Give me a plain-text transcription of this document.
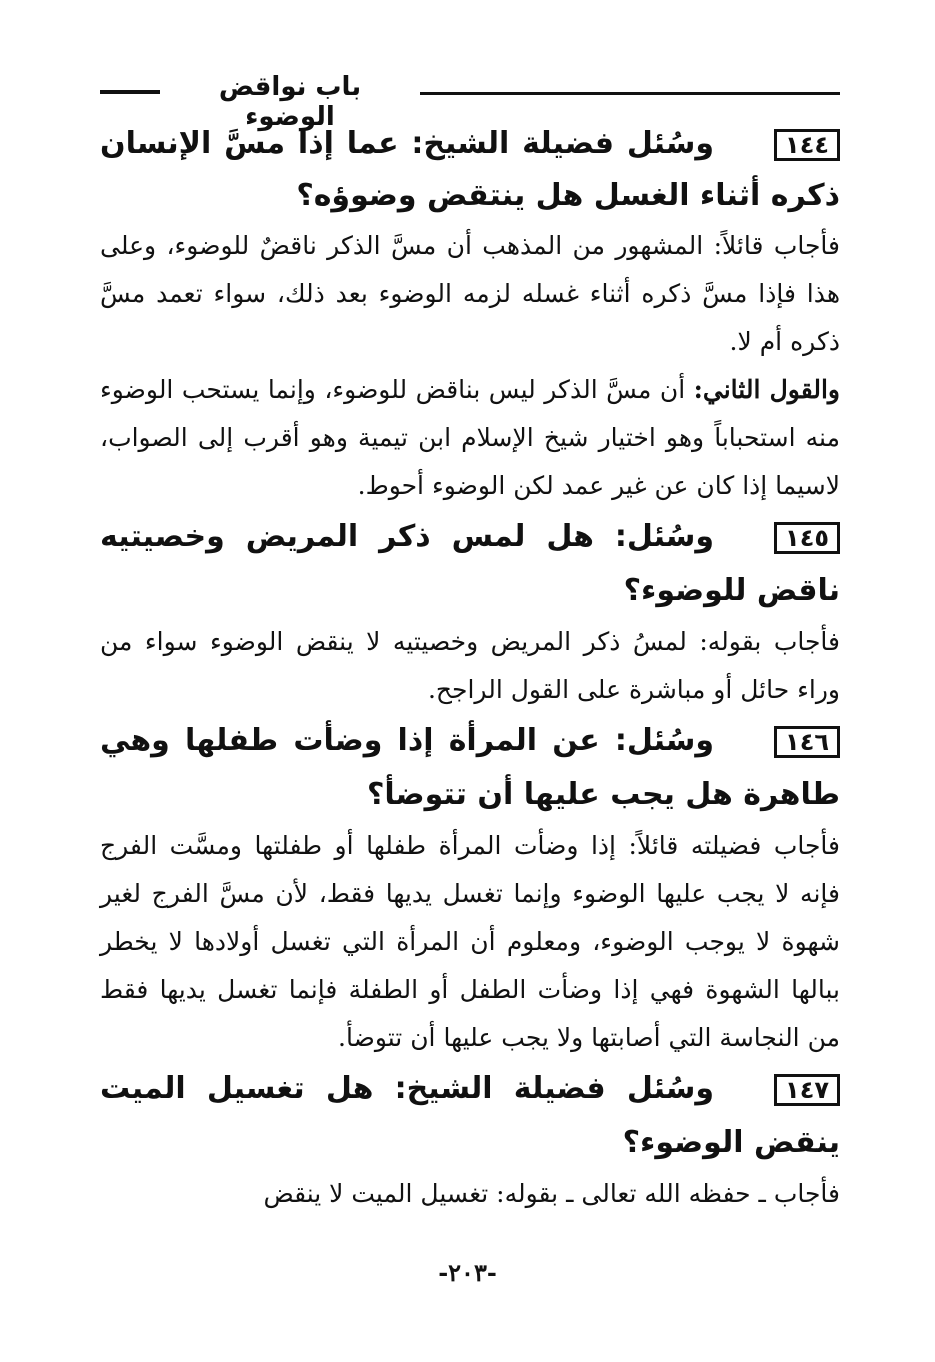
باب نواقض الوضوء

١٤٤وسُئل فضيلة الشيخ: عما إذا مسَّ الإنسان ذكره أثناء الغسل هل ينتقض وضوؤه؟

فأجاب قائلاً: المشهور من المذهب أن مسَّ الذكر ناقضٌ للوضوء، وعلى هذا فإذا مسَّ ذكره أثناء غسله لزمه الوضوء بعد ذلك، سواء تعمد مسَّ ذكره أم لا.

والقول الثاني: أن مسَّ الذكر ليس بناقض للوضوء، وإنما يستحب الوضوء منه استحباباً وهو اختيار شيخ الإسلام ابن تيمية وهو أقرب إلى الصواب، لاسيما إذا كان عن غير عمد لكن الوضوء أحوط.

١٤٥وسُئل: هل لمس ذكر المريض وخصيتيه ناقض للوضوء؟

فأجاب بقوله: لمسُ ذكر المريض وخصيتيه لا ينقض الوضوء سواء من وراء حائل أو مباشرة على القول الراجح.

١٤٦وسُئل: عن المرأة إذا وضأت طفلها وهي طاهرة هل يجب عليها أن تتوضأ؟

فأجاب فضيلته قائلاً: إذا وضأت المرأة طفلها أو طفلتها ومسَّت الفرج فإنه لا يجب عليها الوضوء وإنما تغسل يديها فقط، لأن مسَّ الفرج لغير شهوة لا يوجب الوضوء، ومعلوم أن المرأة التي تغسل أولادها لا يخطر ببالها الشهوة فهي إذا وضأت الطفل أو الطفلة فإنما تغسل يديها فقط من النجاسة التي أصابتها ولا يجب عليها أن تتوضأ.

١٤٧وسُئل فضيلة الشيخ: هل تغسيل الميت ينقض الوضوء؟

فأجاب ـ حفظه الله تعالى ـ بقوله: تغسيل الميت لا ينقض

-٢٠٣-
